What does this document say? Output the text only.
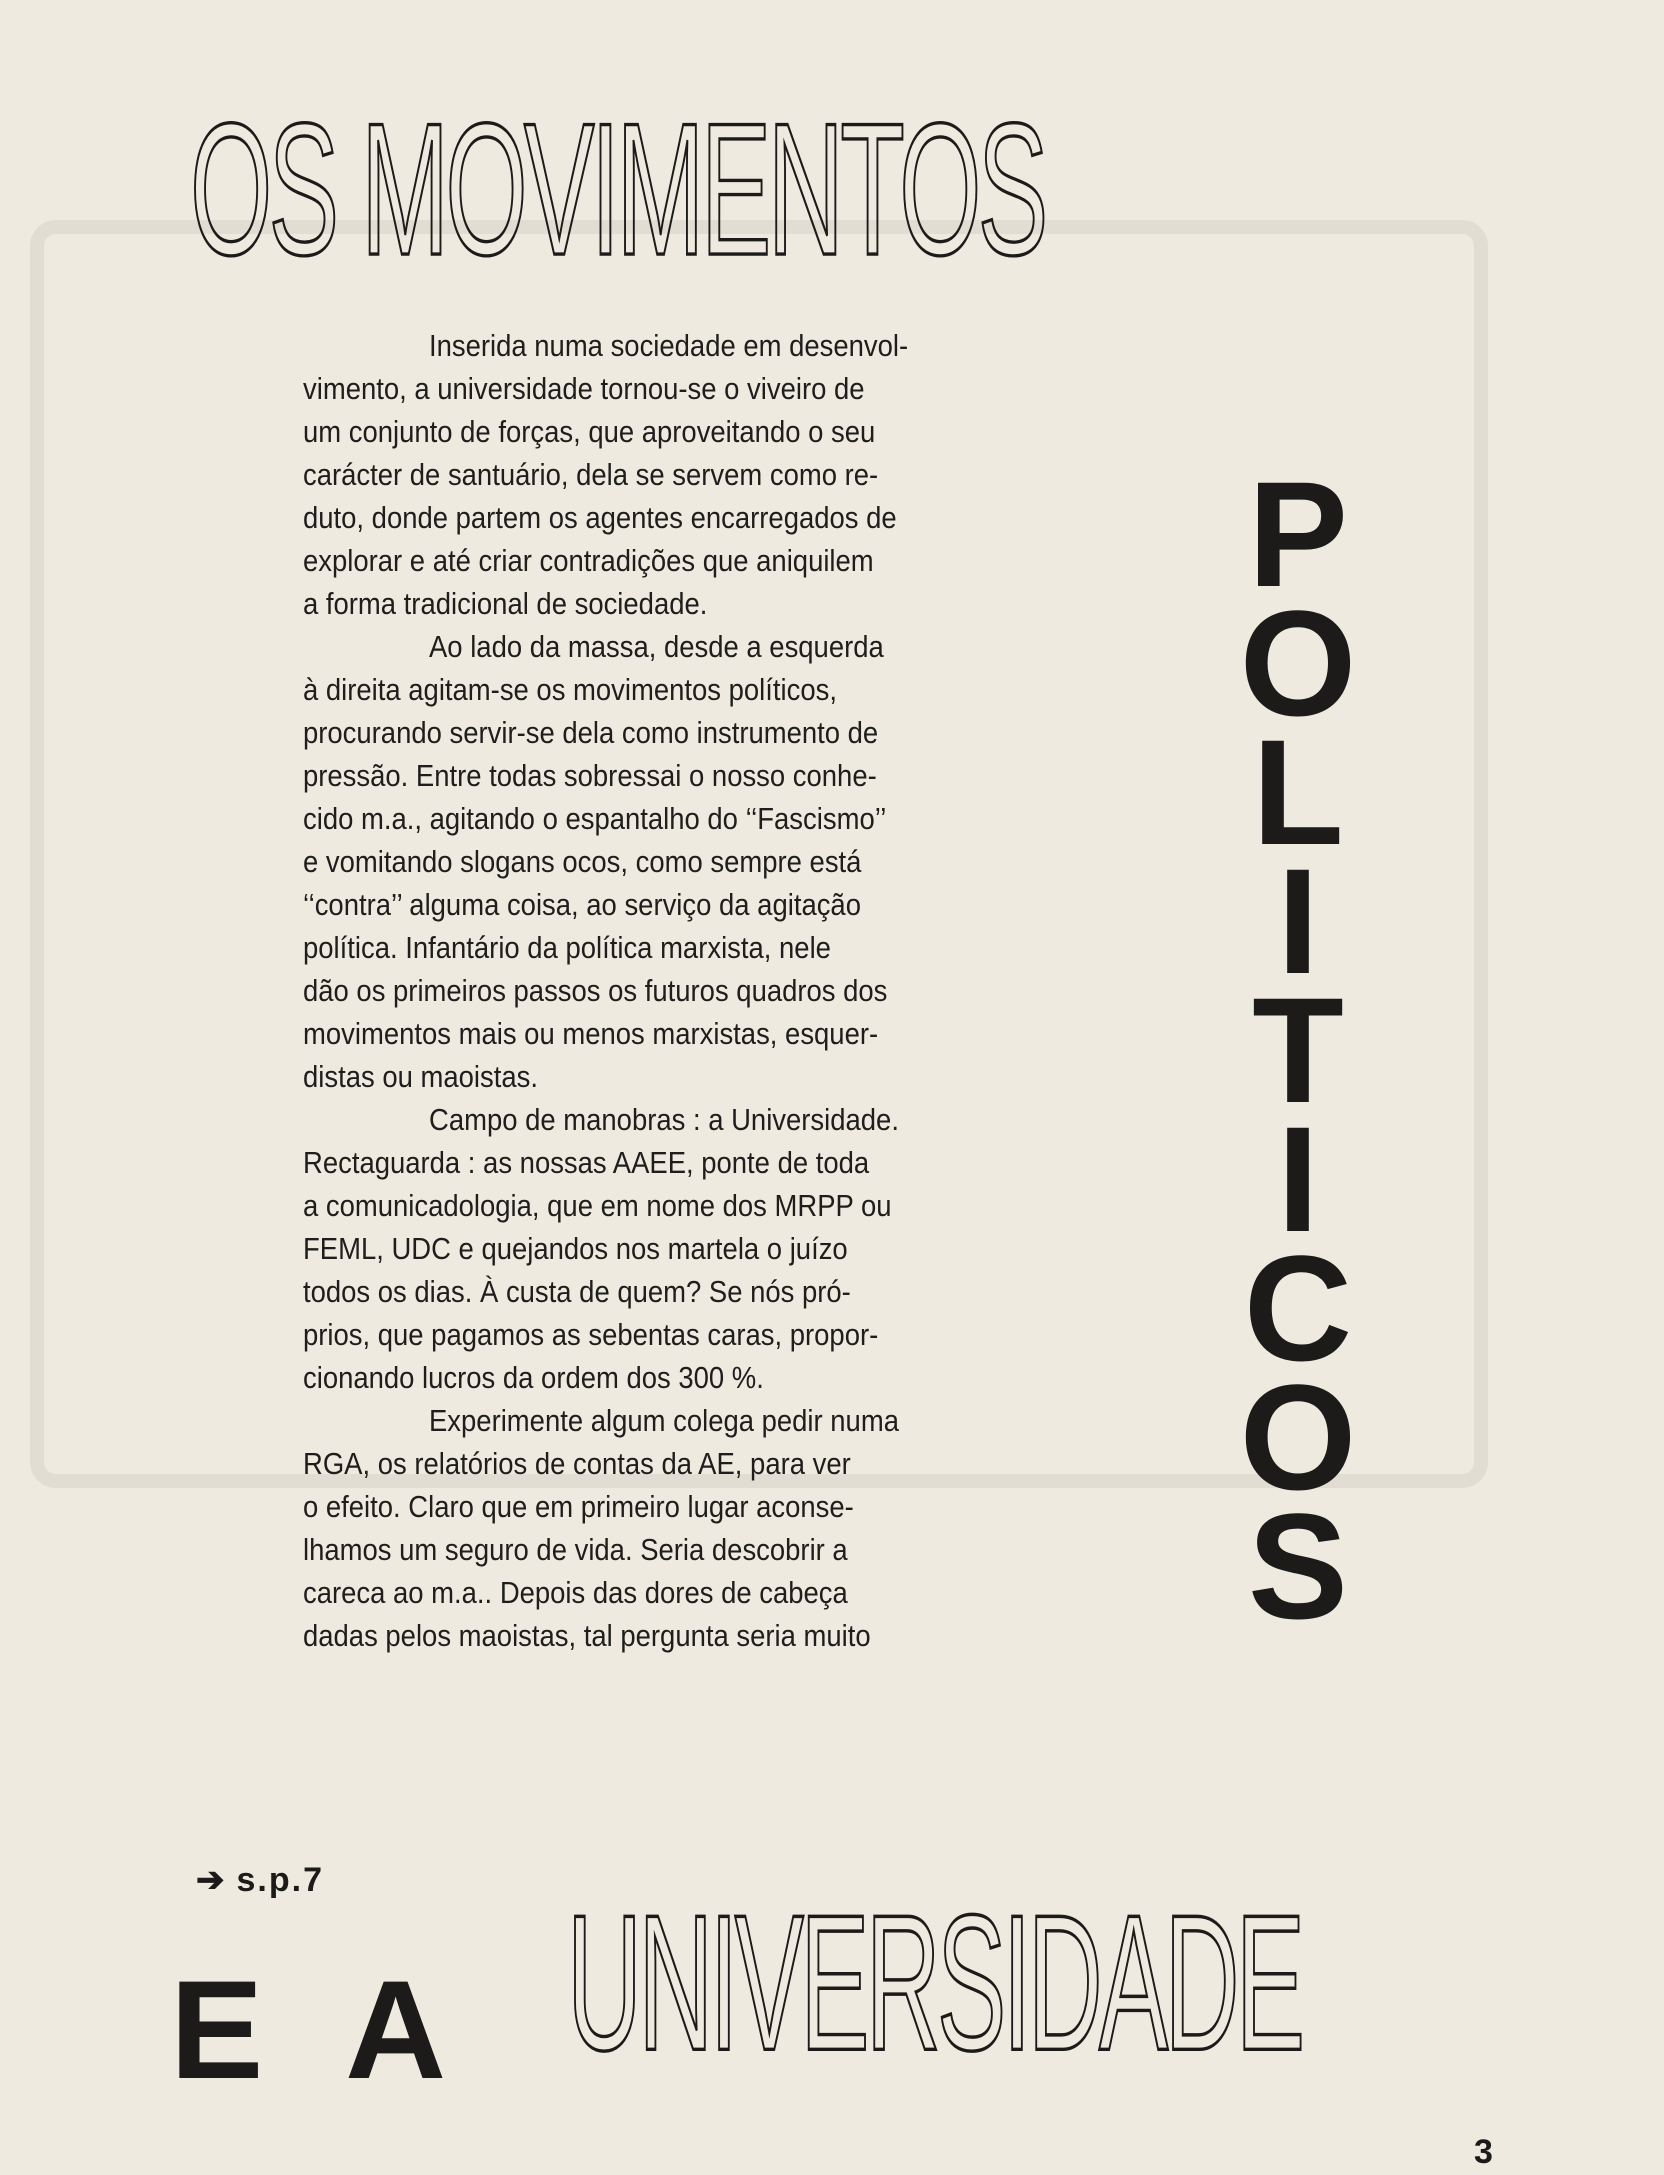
OS MOVIMENTOS
Inserida numa sociedade em desenvol-
vimento, a universidade tornou-se o viveiro de
um conjunto de forças, que aproveitando o seu
carácter de santuário, dela se servem como re-
duto, donde partem os agentes encarregados de
explorar e até criar contradições que aniquilem
a forma tradicional de sociedade.
Ao lado da massa, desde a esquerda
à direita agitam-se os movimentos políticos,
procurando servir-se dela como instrumento de
pressão. Entre todas sobressai o nosso conhe-
cido m.a., agitando o espantalho do ‘‘Fascismo’’
e vomitando slogans ocos, como sempre está
‘‘contra’’ alguma coisa, ao serviço da agitação
política. Infantário da política marxista, nele
dão os primeiros passos os futuros quadros dos
movimentos mais ou menos marxistas, esquer-
distas ou maoistas.
Campo de manobras : a Universidade.
Rectaguarda : as nossas AAEE, ponte de toda
a comunicadologia, que em nome dos MRPP ou
FEML, UDC e quejandos nos martela o juízo
todos os dias. À custa de quem? Se nós pró-
prios, que pagamos as sebentas caras, propor-
cionando lucros da ordem dos 300 %.
Experimente algum colega pedir numa
RGA, os relatórios de contas da AE, para ver
o efeito. Claro que em primeiro lugar aconse-
lhamos um seguro de vida. Seria descobrir a
careca ao m.a.. Depois das dores de cabeça
dadas pelos maoistas, tal pergunta seria muito
P
O
L
I
T
I
C
O
S
➔ s.p.7
E A UNIVERSIDADE
3
